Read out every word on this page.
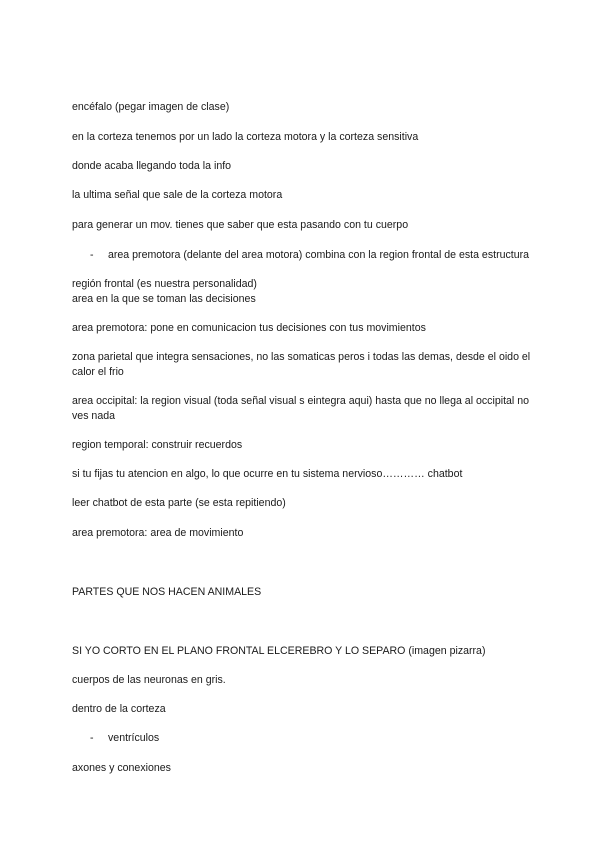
encéfalo (pegar imagen de clase)

en la corteza tenemos por un lado la corteza motora y la corteza sensitiva

donde acaba llegando toda la info

la ultima señal que sale de la corteza motora

para generar un mov. tienes que saber que esta pasando con tu cuerpo

- area premotora (delante del area motora) combina con la region frontal de esta estructura

región frontal (es nuestra personalidad)

area en la que se toman las decisiones

area premotora: pone en comunicacion tus decisiones con tus movimientos

zona parietal que integra sensaciones, no las somaticas peros i todas las demas, desde el oido el calor el frio

area occipital: la region visual (toda señal visual s eintegra aqui) hasta que no llega al occipital no ves nada

region temporal: construir recuerdos

si tu fijas tu atencion en algo, lo que ocurre en tu sistema nervioso………… chatbot

leer chatbot de esta parte (se esta repitiendo)

area premotora: area de movimiento

PARTES QUE NOS HACEN ANIMALES

SI YO CORTO EN EL PLANO FRONTAL ELCEREBRO Y LO SEPARO (imagen pizarra)

cuerpos de las neuronas en gris.

dentro de la corteza

- ventrículos

axones y conexiones
